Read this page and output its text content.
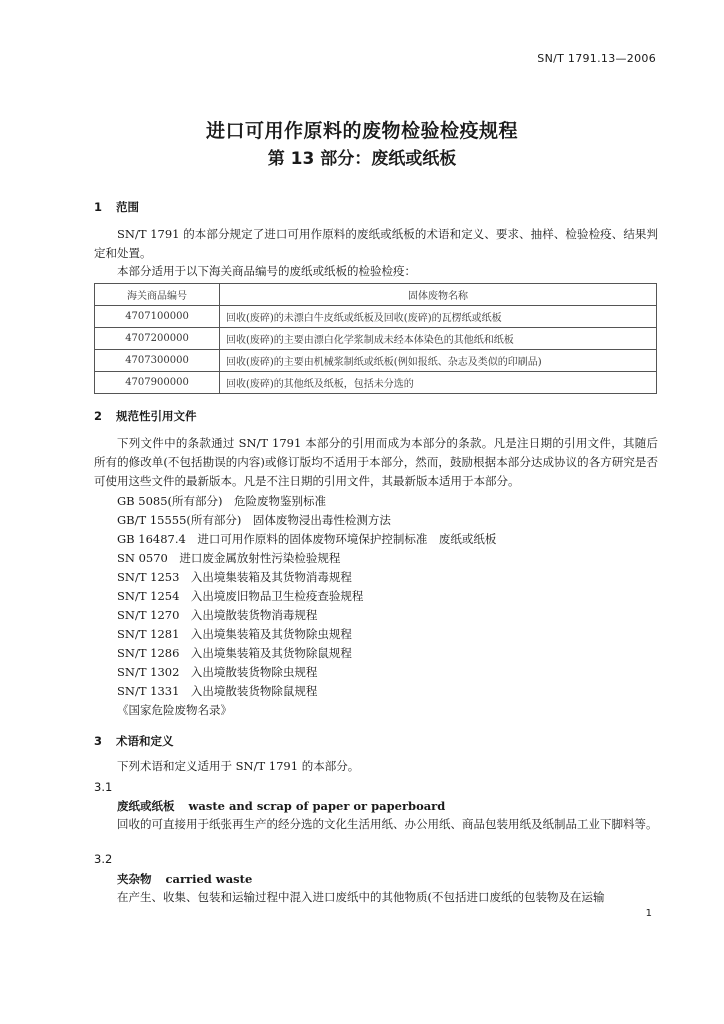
SN/T 1791.13—2006
进口可用作原料的废物检验检疫规程
第 13 部分：废纸或纸板
1 范围
SN/T 1791 的本部分规定了进口可用作原料的废纸或纸板的术语和定义、要求、抽样、检验检疫、结果判定和处置。
本部分适用于以下海关商品编号的废纸或纸板的检验检疫：
海关商品编号	固体废物名称
4707100000	回收(废碎)的未漂白牛皮纸或纸板及回收(废碎)的瓦楞纸或纸板
4707200000	回收(废碎)的主要由漂白化学浆制成未经本体染色的其他纸和纸板
4707300000	回收(废碎)的主要由机械浆制纸或纸板(例如报纸、杂志及类似的印刷品)
4707900000	回收(废碎)的其他纸及纸板，包括未分选的
2 规范性引用文件
下列文件中的条款通过 SN/T 1791 本部分的引用而成为本部分的条款。凡是注日期的引用文件，其随后所有的修改单(不包括勘误的内容)或修订版均不适用于本部分，然而，鼓励根据本部分达成协议的各方研究是否可使用这些文件的最新版本。凡是不注日期的引用文件，其最新版本适用于本部分。
GB 5085(所有部分)　危险废物鉴别标准
GB/T 15555(所有部分)　固体废物浸出毒性检测方法
GB 16487.4　进口可用作原料的固体废物环境保护控制标准　废纸或纸板
SN 0570　进口废金属放射性污染检验规程
SN/T 1253　入出境集装箱及其货物消毒规程
SN/T 1254　入出境废旧物品卫生检疫查验规程
SN/T 1270　入出境散装货物消毒规程
SN/T 1281　入出境集装箱及其货物除虫规程
SN/T 1286　入出境集装箱及其货物除鼠规程
SN/T 1302　入出境散装货物除虫规程
SN/T 1331　入出境散装货物除鼠规程
《国家危险废物名录》
3 术语和定义
下列术语和定义适用于 SN/T 1791 的本部分。
3.1
废纸或纸板 waste and scrap of paper or paperboard
回收的可直接用于纸张再生产的经分选的文化生活用纸、办公用纸、商品包装用纸及纸制品工业下脚料等。
3.2
夹杂物 carried waste
在产生、收集、包装和运输过程中混入进口废纸中的其他物质(不包括进口废纸的包装物及在运输
1
